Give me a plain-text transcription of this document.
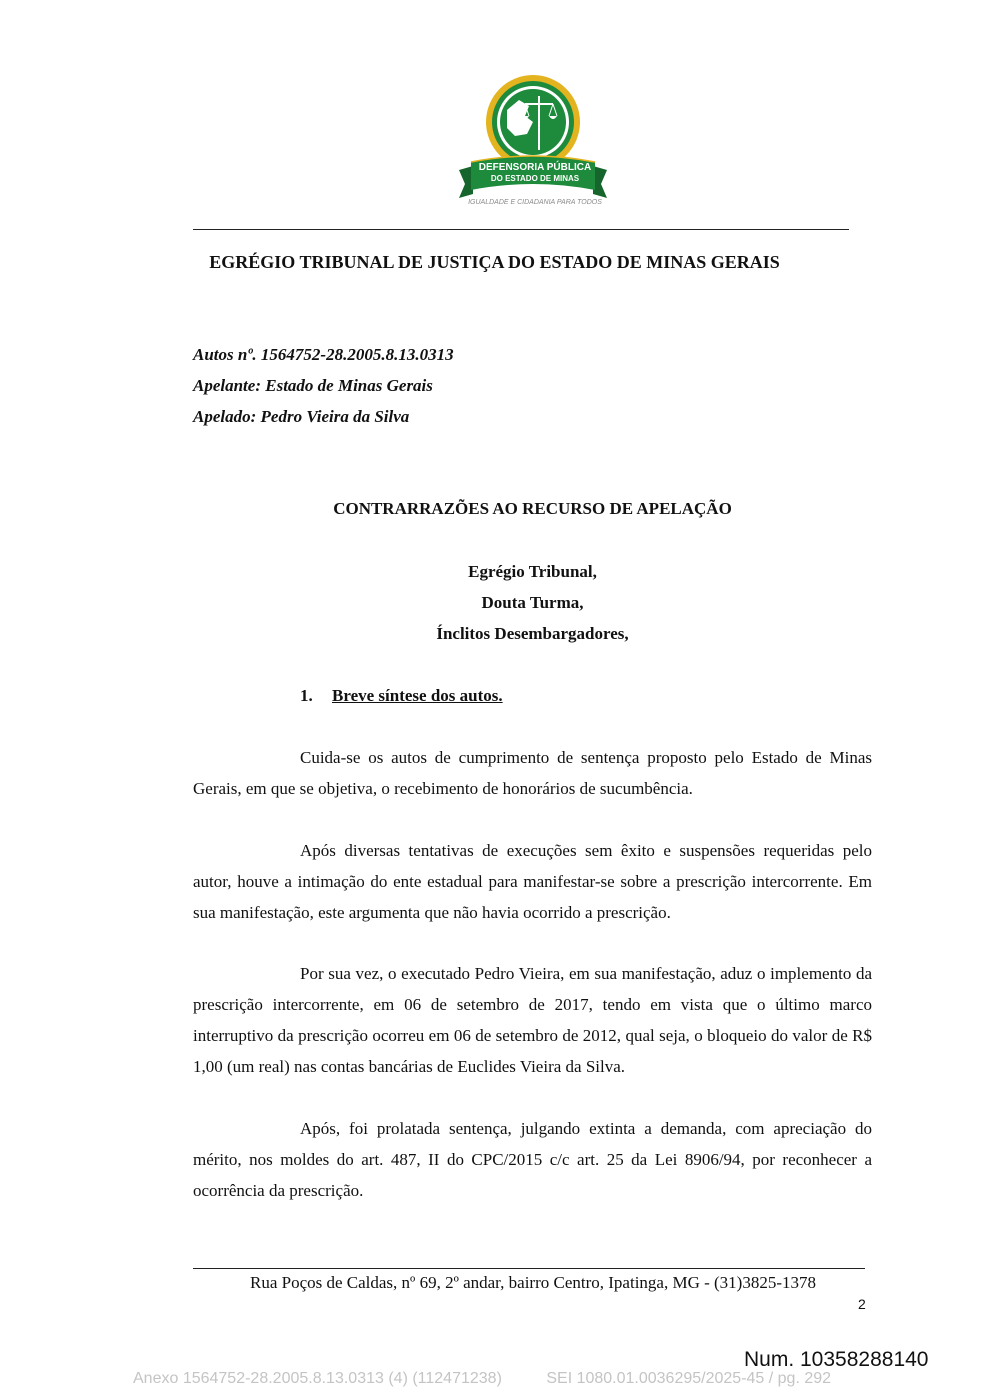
DEFENSORIA PÚBLICA
DO ESTADO DE MINAS GERAIS
IGUALDADE E CIDADANIA PARA TODOS
EGRÉGIO TRIBUNAL DE JUSTIÇA DO ESTADO DE MINAS GERAIS
Autos nº. 1564752-28.2005.8.13.0313
Apelante: Estado de Minas Gerais
Apelado: Pedro Vieira da Silva
CONTRARRAZÕES AO RECURSO DE APELAÇÃO
Egrégio Tribunal,
Douta Turma,
Ínclitos Desembargadores,
1. Breve síntese dos autos.

Cuida-se os autos de cumprimento de sentença proposto pelo Estado de Minas Gerais, em que se objetiva, o recebimento de honorários de sucumbência.

Após diversas tentativas de execuções sem êxito e suspensões requeridas pelo autor, houve a intimação do ente estadual para manifestar-se sobre a prescrição intercorrente. Em sua manifestação, este argumenta que não havia ocorrido a prescrição.

Por sua vez, o executado Pedro Vieira, em sua manifestação, aduz o implemento da prescrição intercorrente, em 06 de setembro de 2017, tendo em vista que o último marco interruptivo da prescrição ocorreu em 06 de setembro de 2012, qual seja, o bloqueio do valor de R$ 1,00 (um real) nas contas bancárias de Euclides Vieira da Silva.

Após, foi prolatada sentença, julgando extinta a demanda, com apreciação do mérito, nos moldes do art. 487, II do CPC/2015 c/c art. 25 da Lei 8906/94, por reconhecer a ocorrência da prescrição.

Rua Poços de Caldas, nº 69, 2º andar, bairro Centro, Ipatinga, MG - (31)3825-1378
2
Num. 10358288140
Anexo 1564752-28.2005.8.13.0313 (4) (112471238)          SEI 1080.01.0036295/2025-45 / pg. 292
